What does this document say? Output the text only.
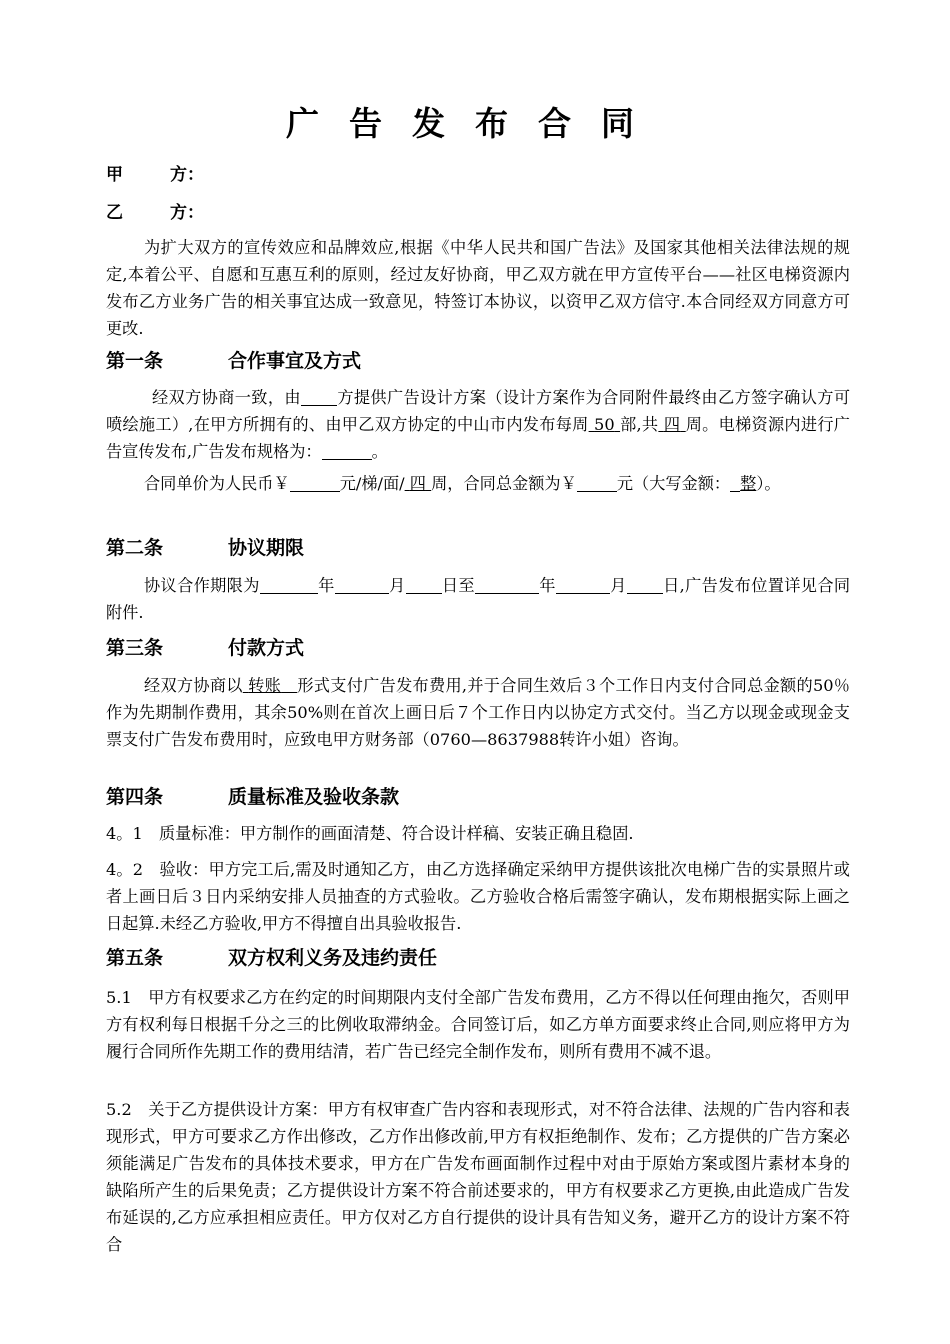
广告发布合同
甲	方：
乙	方：
为扩大双方的宣传效应和品牌效应,根据《中华人民共和国广告法》及国家其他相关法律法规的规定,本着公平、自愿和互惠互利的原则，经过友好协商，甲乙双方就在甲方宣传平台——社区电梯资源内发布乙方业务广告的相关事宜达成一致意见，特签订本协议，以资甲乙双方信守.本合同经双方同意方可更改.
第一条	合作事宜及方式
经双方协商一致，由 方提供广告设计方案（设计方案作为合同附件最终由乙方签字确认方可喷绘施工）,在甲方所拥有的、由甲乙双方协定的中山市内发布每周 50 部,共 四 周。电梯资源内进行广告宣传发布,广告发布规格为：	。
合同单价为人民币￥	元/梯/面/ 四 周，合同总金额为￥ 元（大写金额： 整）。
第二条	协议期限
协议合作期限为	年	月 日至	年	月 日,广告发布位置详见合同附件.
第三条	付款方式
经双方协商以 转账 形式支付广告发布费用,并于合同生效后３个工作日内支付合同总金额的50％作为先期制作费用，其余50%则在首次上画日后７个工作日内以协定方式交付。当乙方以现金或现金支票支付广告发布费用时，应致电甲方财务部（0760—8637988转许小姐）咨询。
第四条	质量标准及验收条款
4。1　质量标准：甲方制作的画面清楚、符合设计样稿、安装正确且稳固.
4。2　验收：甲方完工后,需及时通知乙方，由乙方选择确定采纳甲方提供该批次电梯广告的实景照片或者上画日后３日内采纳安排人员抽查的方式验收。乙方验收合格后需签字确认，发布期根据实际上画之日起算.未经乙方验收,甲方不得擅自出具验收报告.
第五条	双方权利义务及违约责任
5.1　甲方有权要求乙方在约定的时间期限内支付全部广告发布费用，乙方不得以任何理由拖欠，否则甲方有权利每日根据千分之三的比例收取滞纳金。合同签订后，如乙方单方面要求终止合同,则应将甲方为履行合同所作先期工作的费用结清，若广告已经完全制作发布，则所有费用不减不退。
5.2　关于乙方提供设计方案：甲方有权审查广告内容和表现形式，对不符合法律、法规的广告内容和表现形式，甲方可要求乙方作出修改，乙方作出修改前,甲方有权拒绝制作、发布；乙方提供的广告方案必须能满足广告发布的具体技术要求，甲方在广告发布画面制作过程中对由于原始方案或图片素材本身的缺陷所产生的后果免责；乙方提供设计方案不符合前述要求的，甲方有权要求乙方更换,由此造成广告发布延误的,乙方应承担相应责任。甲方仅对乙方自行提供的设计具有告知义务，避开乙方的设计方案不符合
